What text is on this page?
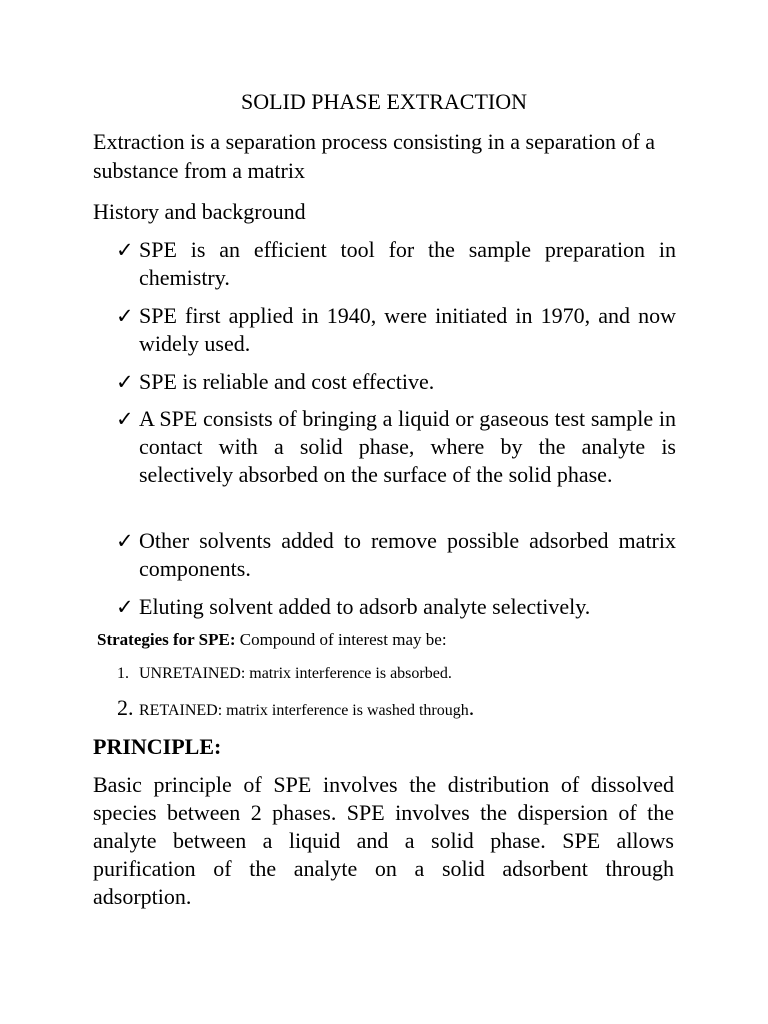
SOLID PHASE EXTRACTION
Extraction is a separation process consisting in a separation of a substance from a matrix
History and background
✓ SPE is an efficient tool for the sample preparation in chemistry.
✓ SPE first applied in 1940, were initiated in 1970, and now widely used.
✓ SPE is reliable and cost effective.
✓ A SPE consists of bringing a liquid or gaseous test sample in contact with a solid phase, where by the analyte is selectively absorbed on the surface of the solid phase.
✓ Other solvents added to remove possible adsorbed matrix components.
✓ Eluting solvent added to adsorb analyte selectively.
Strategies for SPE: Compound of interest may be:
1. UNRETAINED: matrix interference is absorbed.
2. RETAINED: matrix interference is washed through.
PRINCIPLE:
Basic principle of SPE involves the distribution of dissolved species between 2 phases. SPE involves the dispersion of the analyte between a liquid and a solid phase. SPE allows purification of the analyte on a solid adsorbent through adsorption.
